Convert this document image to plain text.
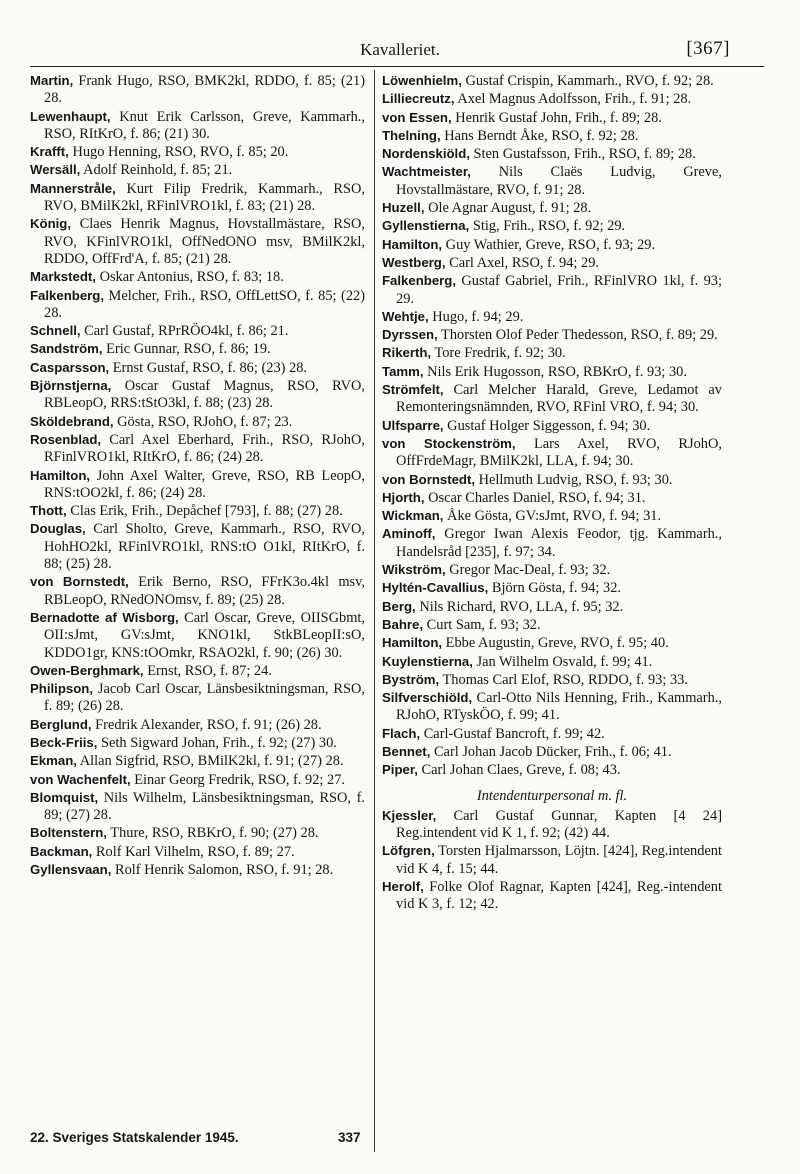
Kavalleriet.	[367]

Martin, Frank Hugo, RSO, BMK2kl, RDDO, f. 85; (21) 28.

Lewenhaupt, Knut Erik Carlsson, Greve, Kammarh., RSO, RItKrO, f. 86; (21) 30.

Krafft, Hugo Henning, RSO, RVO, f. 85; 20.

Wersäll, Adolf Reinhold, f. 85; 21.

Mannerstråle, Kurt Filip Fredrik, Kammarh., RSO, RVO, BMilK2kl, RFinlVRO1kl, f. 83; (21) 28.

König, Claes Henrik Magnus, Hovstallmästare, RSO, RVO, KFinlVRO1kl, OffNedONO msv, BMilK2kl, RDDO, OffFrd'A, f. 85; (21) 28.

Markstedt, Oskar Antonius, RSO, f. 83; 18.

Falkenberg, Melcher, Frih., RSO, OffLettSO, f. 85; (22) 28.

Schnell, Carl Gustaf, RPrRÖO4kl, f. 86; 21.

Sandström, Eric Gunnar, RSO, f. 86; 19.

Casparsson, Ernst Gustaf, RSO, f. 86; (23) 28.

Björnstjerna, Oscar Gustaf Magnus, RSO, RVO, RBLeopO, RRS:tStO3kl, f. 88; (23) 28.

Sköldebrand, Gösta, RSO, RJohO, f. 87; 23.

Rosenblad, Carl Axel Eberhard, Frih., RSO, RJohO, RFinlVRO1kl, RItKrO, f. 86; (24) 28.

Hamilton, John Axel Walter, Greve, RSO, RB LeopO, RNS:tOO2kl, f. 86; (24) 28.

Thott, Clas Erik, Frih., Depåchef [793], f. 88; (27) 28.

Douglas, Carl Sholto, Greve, Kammarh., RSO, RVO, HohHO2kl, RFinlVRO1kl, RNS:tO O1kl, RItKrO, f. 88; (25) 28.

von Bornstedt, Erik Berno, RSO, FFrK3o.4kl msv, RBLeopO, RNedONOmsv, f. 89; (25) 28.

Bernadotte af Wisborg, Carl Oscar, Greve, OIISGbmt, OII:sJmt, GV:sJmt, KNO1kl, StkBLeopII:sO, KDDO1gr, KNS:tOOmkr, RSAO2kl, f. 90; (26) 30.

Owen-Berghmark, Ernst, RSO, f. 87; 24.

Philipson, Jacob Carl Oscar, Länsbesiktningsman, RSO, f. 89; (26) 28.

Berglund, Fredrik Alexander, RSO, f. 91; (26) 28.

Beck-Friis, Seth Sigward Johan, Frih., f. 92; (27) 30.

Ekman, Allan Sigfrid, RSO, BMilK2kl, f. 91; (27) 28.

von Wachenfelt, Einar Georg Fredrik, RSO, f. 92; 27.

Blomquist, Nils Wilhelm, Länsbesiktningsman, RSO, f. 89; (27) 28.

Boltenstern, Thure, RSO, RBKrO, f. 90; (27) 28.

Backman, Rolf Karl Vilhelm, RSO, f. 89; 27.

Gyllensvaan, Rolf Henrik Salomon, RSO, f. 91; 28.

Löwenhielm, Gustaf Crispin, Kammarh., RVO, f. 92; 28.

Lilliecreutz, Axel Magnus Adolfsson, Frih., f. 91; 28.

von Essen, Henrik Gustaf John, Frih., f. 89; 28.

Thelning, Hans Berndt Åke, RSO, f. 92; 28.

Nordenskiöld, Sten Gustafsson, Frih., RSO, f. 89; 28.

Wachtmeister, Nils Claës Ludvig, Greve, Hovstallmästare, RVO, f. 91; 28.

Huzell, Ole Agnar August, f. 91; 28.

Gyllenstierna, Stig, Frih., RSO, f. 92; 29.

Hamilton, Guy Wathier, Greve, RSO, f. 93; 29.

Westberg, Carl Axel, RSO, f. 94; 29.

Falkenberg, Gustaf Gabriel, Frih., RFinlVRO 1kl, f. 93; 29.

Wehtje, Hugo, f. 94; 29.

Dyrssen, Thorsten Olof Peder Thedesson, RSO, f. 89; 29.

Rikerth, Tore Fredrik, f. 92; 30.

Tamm, Nils Erik Hugosson, RSO, RBKrO, f. 93; 30.

Strömfelt, Carl Melcher Harald, Greve, Ledamot av Remonteringsnämnden, RVO, RFinl VRO, f. 94; 30.

Ulfsparre, Gustaf Holger Siggesson, f. 94; 30.

von Stockenström, Lars Axel, RVO, RJohO, OffFrdeMagr, BMilK2kl, LLA, f. 94; 30.

von Bornstedt, Hellmuth Ludvig, RSO, f. 93; 30.

Hjorth, Oscar Charles Daniel, RSO, f. 94; 31.

Wickman, Åke Gösta, GV:sJmt, RVO, f. 94; 31.

Aminoff, Gregor Iwan Alexis Feodor, tjg. Kammarh., Handelsråd [235], f. 97; 34.

Wikström, Gregor Mac-Deal, f. 93; 32.

Hyltén-Cavallius, Björn Gösta, f. 94; 32.

Berg, Nils Richard, RVO, LLA, f. 95; 32.

Bahre, Curt Sam, f. 93; 32.

Hamilton, Ebbe Augustin, Greve, RVO, f. 95; 40.

Kuylenstierna, Jan Wilhelm Osvald, f. 99; 41.

Byström, Thomas Carl Elof, RSO, RDDO, f. 93; 33.

Silfverschiöld, Carl-Otto Nils Henning, Frih., Kammarh., RJohO, RTyskÖO, f. 99; 41.

Flach, Carl-Gustaf Bancroft, f. 99; 42.

Bennet, Carl Johan Jacob Dücker, Frih., f. 06; 41.

Piper, Carl Johan Claes, Greve, f. 08; 43.

Intendenturpersonal m. fl.

Kjessler, Carl Gustaf Gunnar, Kapten [4 24] Reg.intendent vid K 1, f. 92; (42) 44.

Löfgren, Torsten Hjalmarsson, Löjtn. [424], Reg.intendent vid K 4, f. 15; 44.

Herolf, Folke Olof Ragnar, Kapten [424], Reg.-intendent vid K 3, f. 12; 42.

22. Sveriges Statskalender 1945.	337
